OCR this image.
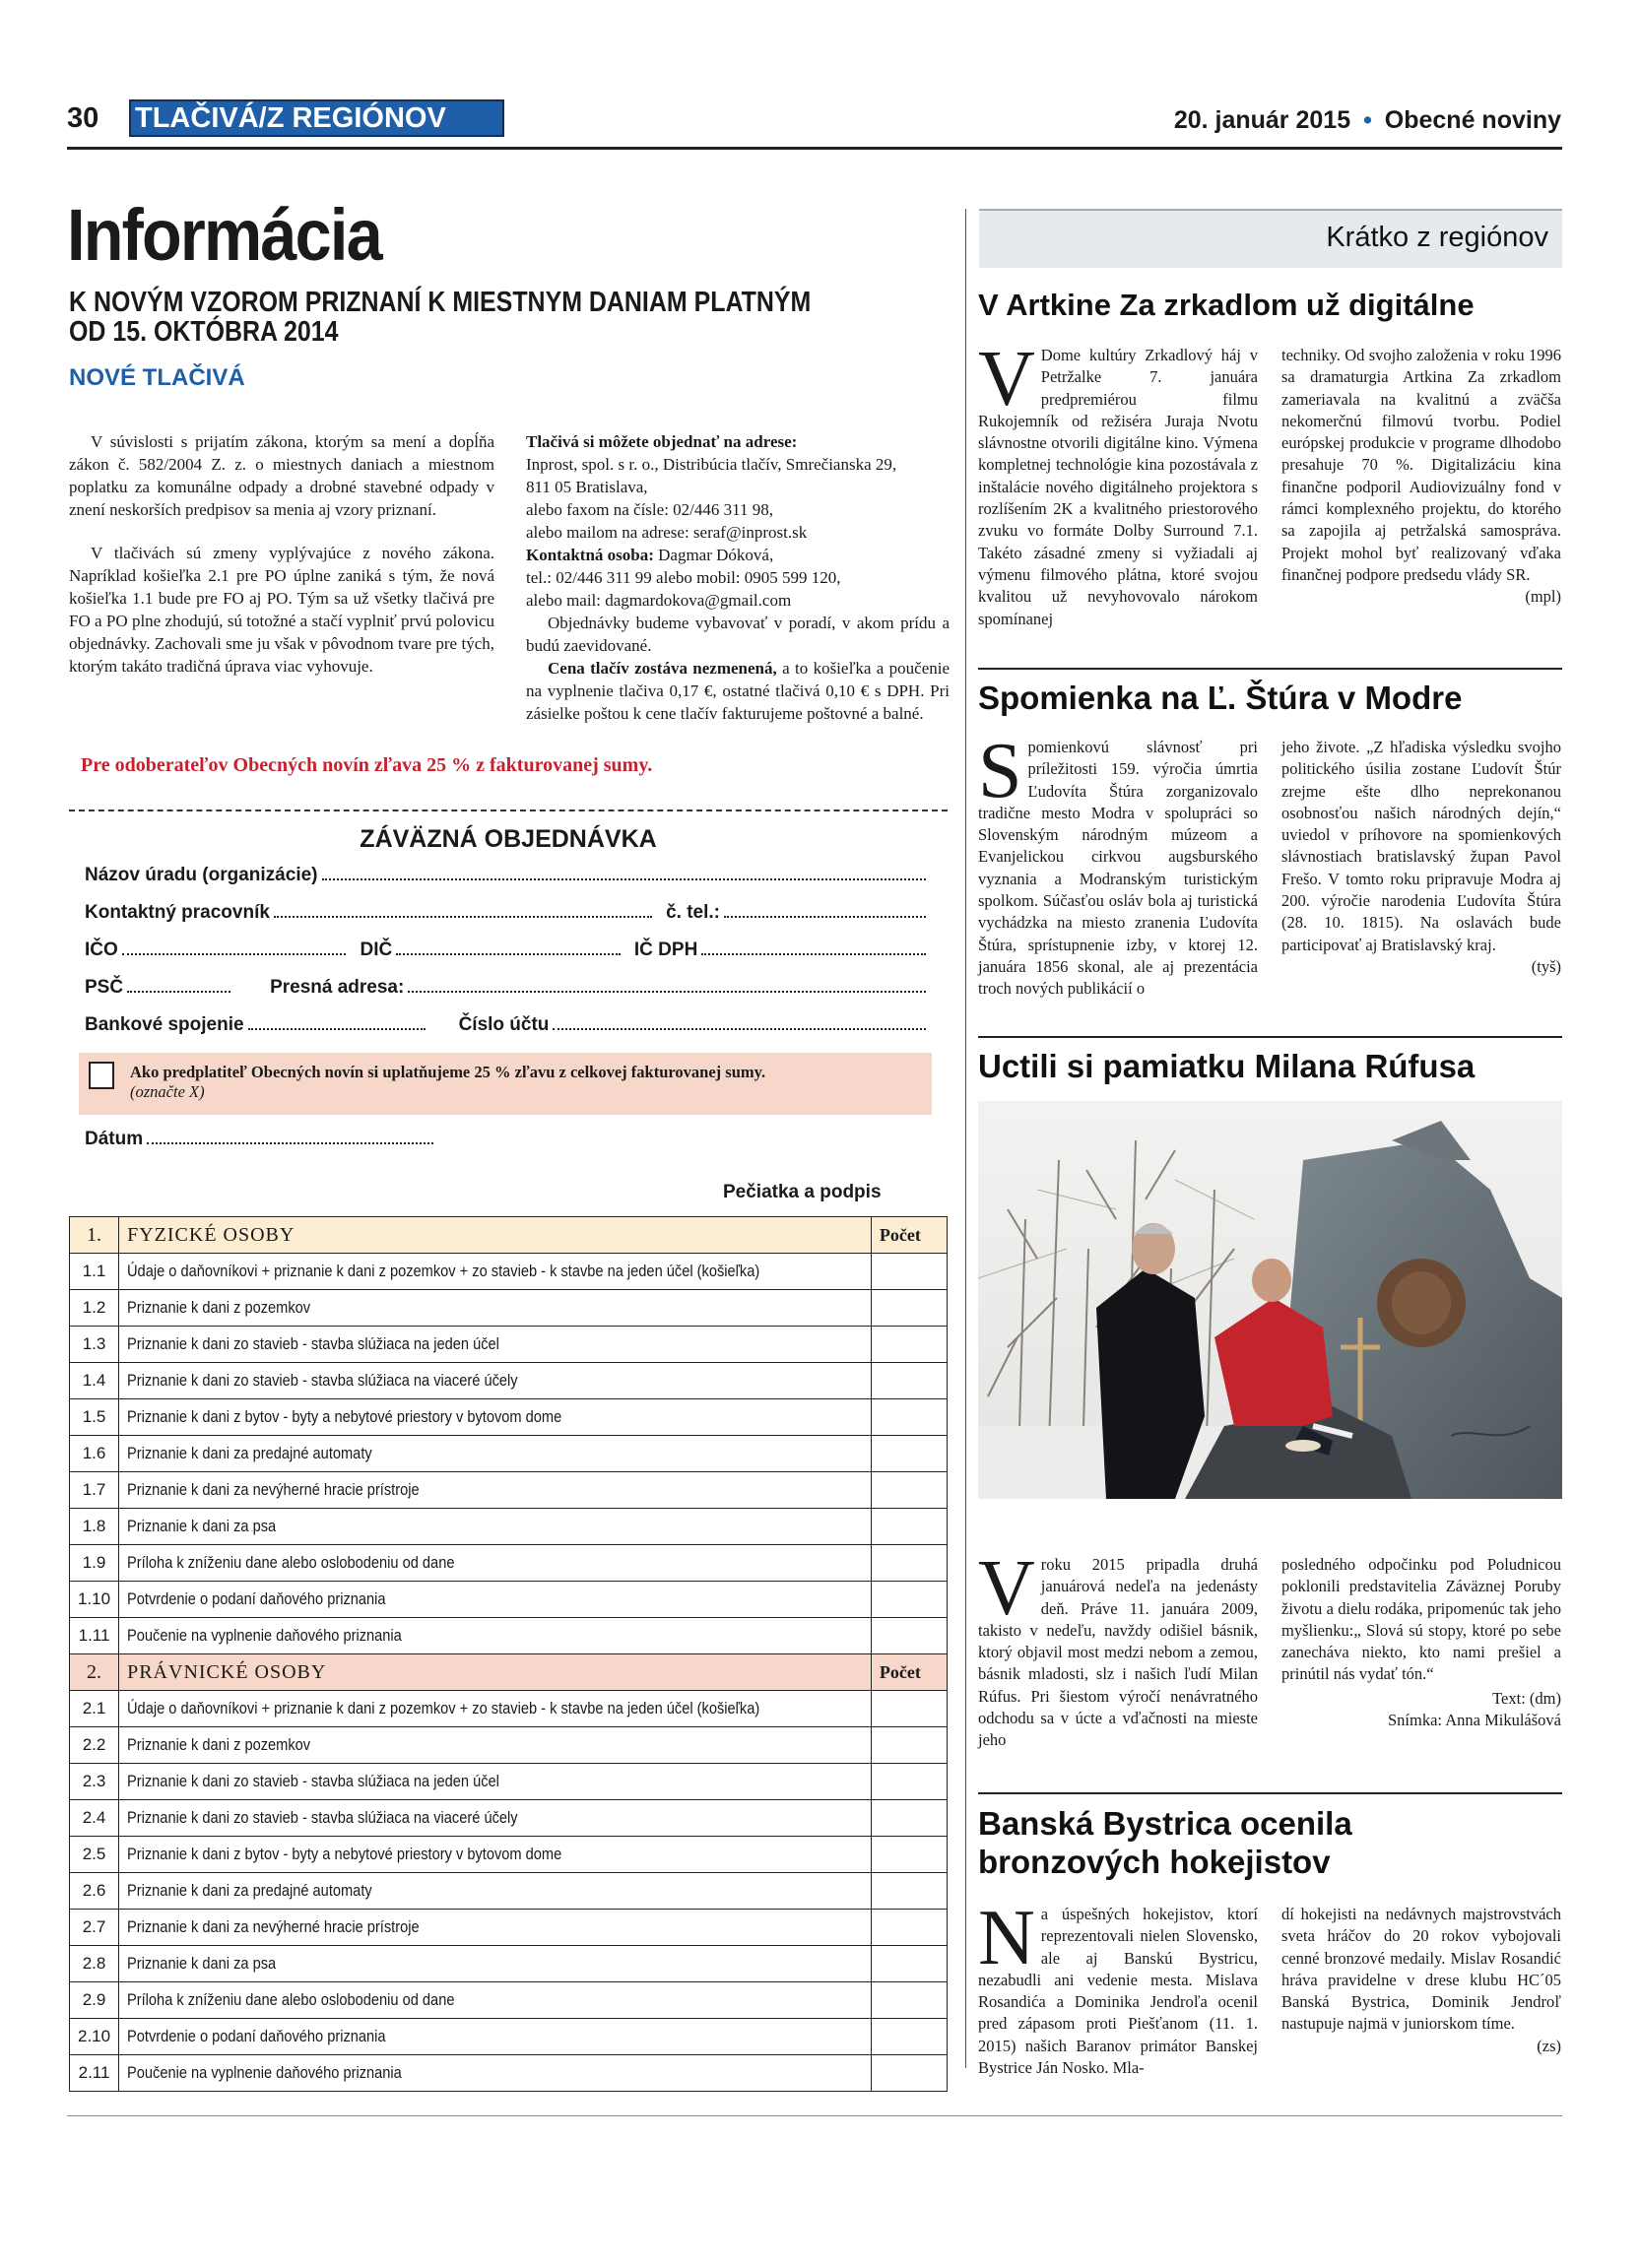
30 TLAČIVÁ/Z REGIÓNOV	20. január 2015 • Obecné noviny
Informácia
K NOVÝM VZOROM PRIZNANÍ K MIESTNYM DANIAM PLATNÝM
OD 15. OKTÓBRA 2014
NOVÉ TLAČIVÁ

V súvislosti s prijatím zákona, ktorým sa mení a dopĺňa zákon č. 582/2004 Z. z. o miestnych daniach a miestnom poplatku za komunálne odpady a drobné stavebné odpady v znení neskorších predpisov sa menia aj vzory priznaní.

V tlačivách sú zmeny vyplývajúce z nového zákona. Napríklad košieľka 2.1 pre PO úplne zaniká s tým, že nová košieľka 1.1 bude pre FO aj PO. Tým sa už všetky tlačivá pre FO a PO plne zhodujú, sú totožné a stačí vyplniť prvú polovicu objednávky. Zachovali sme ju však v pôvodnom tvare pre tých, ktorým takáto tradičná úprava viac vyhovuje.

Tlačivá si môžete objednať na adrese:
Inprost, spol. s r. o., Distribúcia tlačív, Smrečianska 29,
811 05 Bratislava,
alebo faxom na čísle: 02/446 311 98,
alebo mailom na adrese: seraf@inprost.sk
Kontaktná osoba: Dagmar Dóková,
tel.: 02/446 311 99 alebo mobil: 0905 599 120,
alebo mail: dagmardokova@gmail.com

Objednávky budeme vybavovať v poradí, v akom prídu a budú zaevidované.

Cena tlačív zostáva nezmenená, a to košieľka a poučenie na vyplnenie tlačiva 0,17 €, ostatné tlačivá 0,10 € s DPH. Pri zásielke poštou k cene tlačív fakturujeme poštovné a balné.

Pre odoberateľov Obecných novín zľava 25 % z fakturovanej sumy.
ZÁVÄZNÁ OBJEDNÁVKA
Názov úradu (organizácie)
Kontaktný pracovník	č. tel.:
IČO	DIČ	IČ DPH
PSČ	Presná adresa:
Bankové spojenie	Číslo účtu
Ako predplatiteľ Obecných novín si uplatňujeme 25 % zľavu z celkovej fakturovanej sumy.
(označte X)
Dátum
Pečiatka a podpis
1.	FYZICKÉ OSOBY	Počet
1.1	Údaje o daňovníkovi + priznanie k dani z pozemkov + zo stavieb - k stavbe na jeden účel (košieľka)	
1.2	Priznanie k dani z pozemkov	
1.3	Priznanie k dani zo stavieb - stavba slúžiaca na jeden účel	
1.4	Priznanie k dani zo stavieb - stavba slúžiaca na viaceré účely	
1.5	Priznanie k dani z bytov - byty a nebytové priestory v bytovom dome	
1.6	Priznanie k dani za predajné automaty	
1.7	Priznanie k dani za nevýherné hracie prístroje	
1.8	Priznanie k dani za psa	
1.9	Príloha k zníženiu dane alebo oslobodeniu od dane	
1.10	Potvrdenie o podaní daňového priznania	
1.11	Poučenie na vyplnenie daňového priznania	
2.	PRÁVNICKÉ OSOBY	Počet
2.1	Údaje o daňovníkovi + priznanie k dani z pozemkov + zo stavieb - k stavbe na jeden účel (košieľka)	
2.2	Priznanie k dani z pozemkov	
2.3	Priznanie k dani zo stavieb - stavba slúžiaca na jeden účel	
2.4	Priznanie k dani zo stavieb - stavba slúžiaca na viaceré účely	
2.5	Priznanie k dani z bytov - byty a nebytové priestory v bytovom dome	
2.6	Priznanie k dani za predajné automaty	
2.7	Priznanie k dani za nevýherné hracie prístroje	
2.8	Priznanie k dani za psa	
2.9	Príloha k zníženiu dane alebo oslobodeniu od dane	
2.10	Potvrdenie o podaní daňového priznania	
2.11	Poučenie na vyplnenie daňového priznania	
Krátko z regiónov
V Artkine Za zrkadlom už digitálne
V Dome kultúry Zrkadlový háj v Petržalke 7. januára predpremiérou filmu Rukojemník od režiséra Juraja Nvotu slávnostne otvorili digitálne kino. Výmena kompletnej technológie kina pozostávala z inštalácie nového digitálneho projektora s rozlíšením 2K a kvalitného priestorového zvuku vo formáte Dolby Surround 7.1. Takéto zásadné zmeny si vyžiadali aj výmenu filmového plátna, ktoré svojou kvalitou už nevyhovovalo nárokom spomínanej
techniky. Od svojho založenia v roku 1996 sa dramaturgia Artkina Za zrkadlom zameriavala na kvalitnú a zväčša nekomerčnú filmovú tvorbu. Podiel európskej produkcie v programe dlhodobo presahuje 70 %. Digitalizáciu kina finančne podporil Audiovizuálny fond v rámci komplexného projektu, do ktorého sa zapojila aj petržalská samospráva. Projekt mohol byť realizovaný vďaka finančnej podpore predsedu vlády SR.
(mpl)
Spomienka na Ľ. Štúra v Modre
Spomienkovú slávnosť pri príležitosti 159. výročia úmrtia Ľudovíta Štúra zorganizovalo tradične mesto Modra v spolupráci so Slovenským národným múzeom a Evanjelickou cirkvou augsburského vyznania a Modranským turistickým spolkom. Súčasťou osláv bola aj turistická vychádzka na miesto zranenia Ľudovíta Štúra, sprístupnenie izby, v ktorej 12. januára 1856 skonal, ale aj prezentácia troch nových publikácií o
jeho živote. „Z hľadiska výsledku svojho politického úsilia zostane Ľudovít Štúr zrejme ešte dlho neprekonanou osobnosťou našich národných dejín,“ uviedol v príhovore na spomienkových slávnostiach bratislavský župan Pavol Frešo. V tomto roku pripravuje Modra aj 200. výročie narodenia Ľudovíta Štúra (28. 10. 1815). Na oslavách bude participovať aj Bratislavský kraj.
(tyš)
Uctili si pamiatku Milana Rúfusa
Vroku 2015 pripadla druhá januárová nedeľa na jedenásty deň. Práve 11. januára 2009, takisto v nedeľu, navždy odišiel básnik, ktorý objavil most medzi nebom a zemou, básnik mladosti, slz i našich ľudí Milan Rúfus. Pri šiestom výročí nenávratného odchodu sa v úcte a vďačnosti na mieste jeho
posledného odpočinku pod Poludnicou poklonili predstavitelia Záväznej Poruby životu a dielu rodáka, pripomenúc tak jeho myšlienku:„ Slová sú stopy, ktoré po sebe zanecháva niekto, kto nami prešiel a prinútil nás vydať tón.“
Text: (dm)
Snímka: Anna Mikulášová
Banská Bystrica ocenila
bronzových hokejistov
Na úspešných hokejistov, ktorí reprezentovali nielen Slovensko, ale aj Banskú Bystricu, nezabudli ani vedenie mesta. Mislava Rosandića a Dominika Jendroľa ocenil pred zápasom proti Piešťanom (11. 1. 2015) našich Baranov primátor Banskej Bystrice Ján Nosko. Mla-
dí hokejisti na nedávnych majstrovstvách sveta hráčov do 20 rokov vybojovali cenné bronzové medaily. Mislav Rosandić hráva pravidelne v drese klubu HC´05 Banská Bystrica, Dominik Jendroľ nastupuje najmä v juniorskom tíme.
(zs)
